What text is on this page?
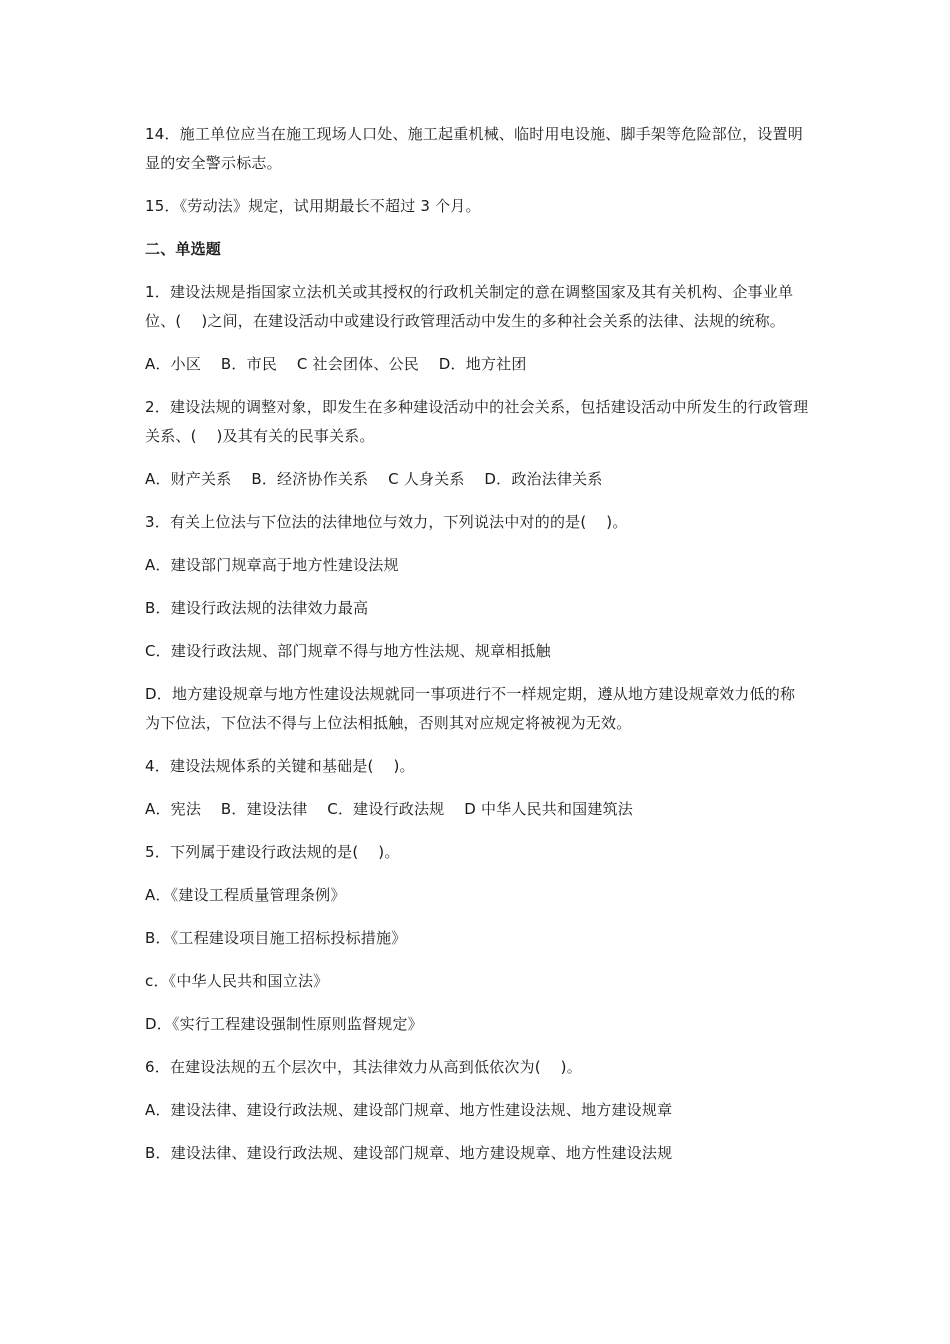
14．施工单位应当在施工现场人口处、施工起重机械、临时用电设施、脚手架等危险部位，设置明显的安全警示标志。

15．《劳动法》规定，试用期最长不超过 3 个月。

二、单选题

1．建设法规是指国家立法机关或其授权的行政机关制定的意在调整国家及其有关机构、企事业单位、(    )之间，在建设活动中或建设行政管理活动中发生的多种社会关系的法律、法规的统称。

A．小区    B．市民    C 社会团体、公民    D．地方社团

2．建设法规的调整对象，即发生在多种建设活动中的社会关系，包括建设活动中所发生的行政管理关系、(    )及其有关的民事关系。

A．财产关系    B．经济协作关系    C 人身关系    D．政治法律关系

3．有关上位法与下位法的法律地位与效力，下列说法中对的的是(    )。

A．建设部门规章高于地方性建设法规

B．建设行政法规的法律效力最高

C．建设行政法规、部门规章不得与地方性法规、规章相抵触

D．地方建设规章与地方性建设法规就同一事项进行不一样规定期，遵从地方建设规章效力低的称为下位法，下位法不得与上位法相抵触，否则其对应规定将被视为无效。

4．建设法规体系的关键和基础是(    )。

A．宪法    B．建设法律    C．建设行政法规    D 中华人民共和国建筑法

5．下列属于建设行政法规的是(    )。

A．《建设工程质量管理条例》

B．《工程建设项目施工招标投标措施》

c．《中华人民共和国立法》

D．《实行工程建设强制性原则监督规定》

6．在建设法规的五个层次中，其法律效力从高到低依次为(    )。

A．建设法律、建设行政法规、建设部门规章、地方性建设法规、地方建设规章

B．建设法律、建设行政法规、建设部门规章、地方建设规章、地方性建设法规
